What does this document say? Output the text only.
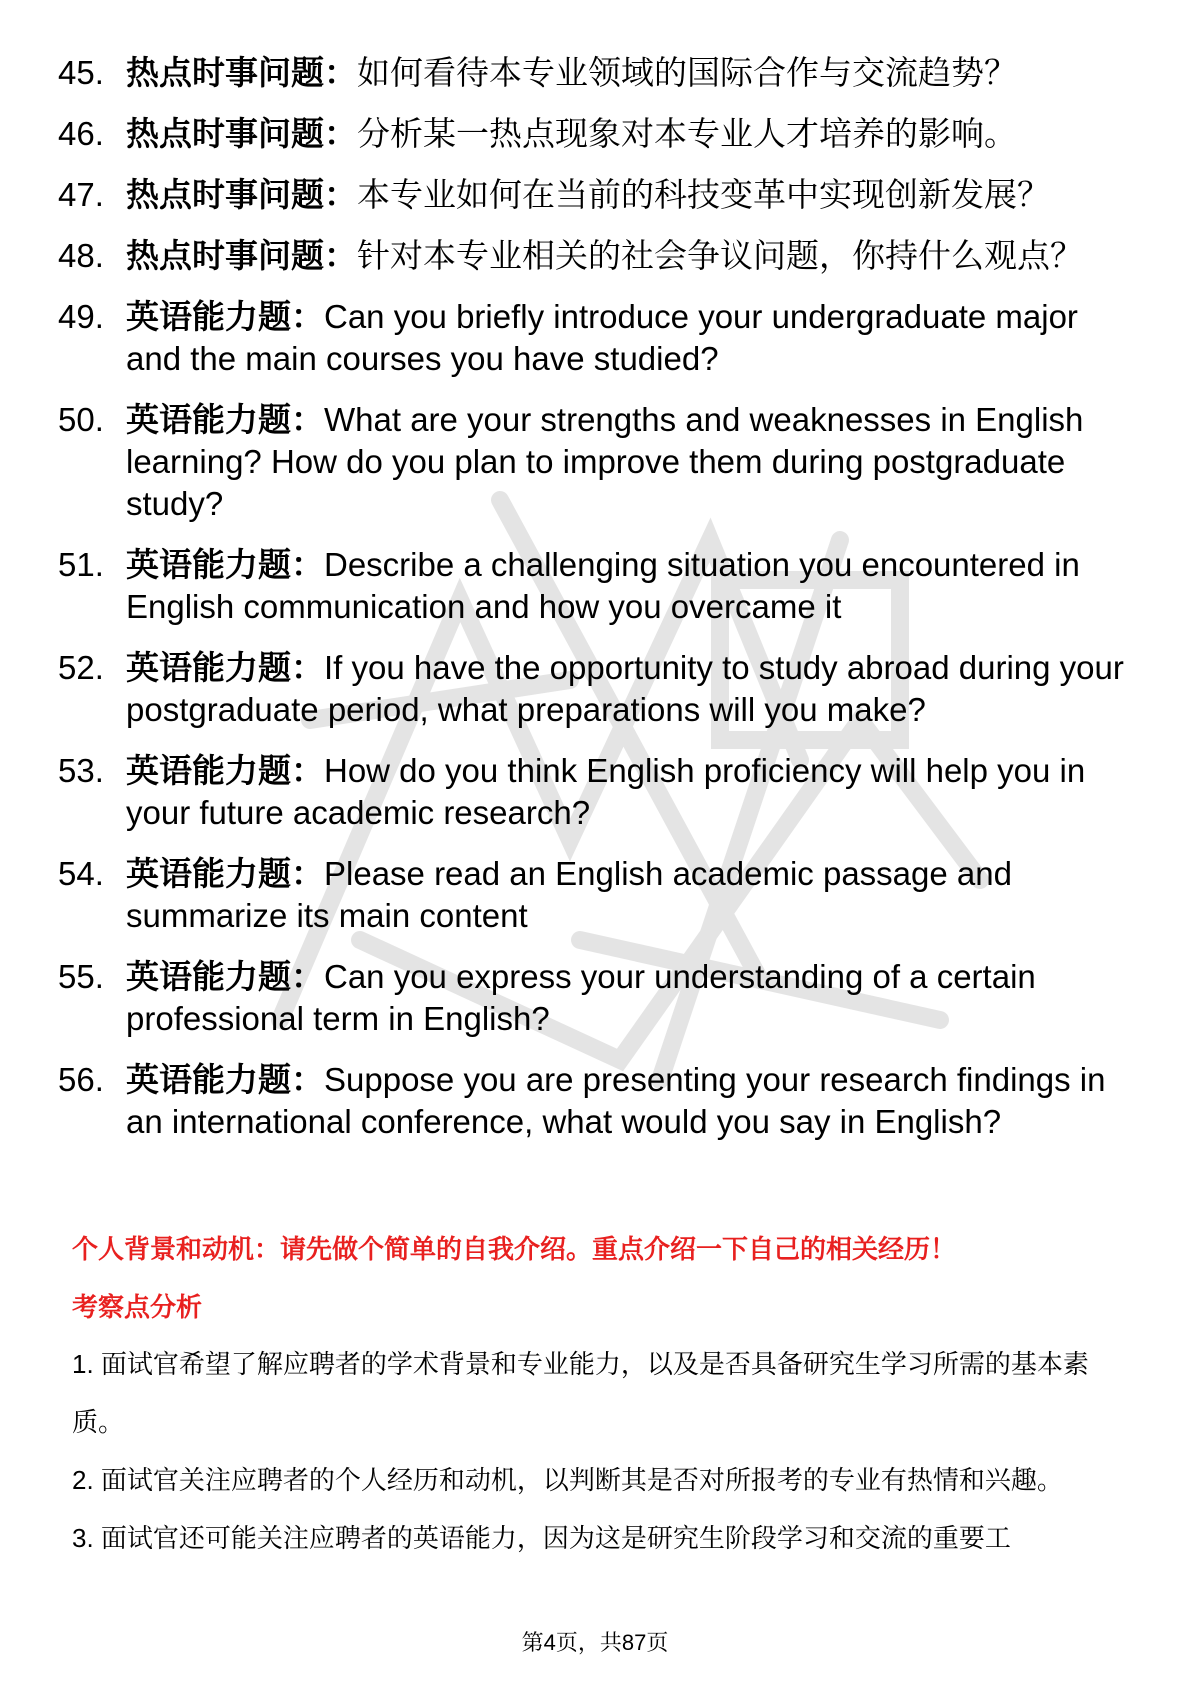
45. 热点时事问题：如何看待本专业领域的国际合作与交流趋势？
46. 热点时事问题：分析某一热点现象对本专业人才培养的影响。
47. 热点时事问题：本专业如何在当前的科技变革中实现创新发展？
48. 热点时事问题：针对本专业相关的社会争议问题，你持什么观点？
49. 英语能力题：Can you briefly introduce your undergraduate major and the main courses you have studied?
50. 英语能力题：What are your strengths and weaknesses in English learning? How do you plan to improve them during postgraduate study?
51. 英语能力题：Describe a challenging situation you encountered in English communication and how you overcame it
52. 英语能力题：If you have the opportunity to study abroad during your postgraduate period, what preparations will you make?
53. 英语能力题：How do you think English proficiency will help you in your future academic research?
54. 英语能力题：Please read an English academic passage and summarize its main content
55. 英语能力题：Can you express your understanding of a certain professional term in English?
56. 英语能力题：Suppose you are presenting your research findings in an international conference, what would you say in English?
个人背景和动机：请先做个简单的自我介绍。重点介绍一下自己的相关经历！
考察点分析
1. 面试官希望了解应聘者的学术背景和专业能力，以及是否具备研究生学习所需的基本素质。
2. 面试官关注应聘者的个人经历和动机，以判断其是否对所报考的专业有热情和兴趣。
3. 面试官还可能关注应聘者的英语能力，因为这是研究生阶段学习和交流的重要工
第4页，共87页
